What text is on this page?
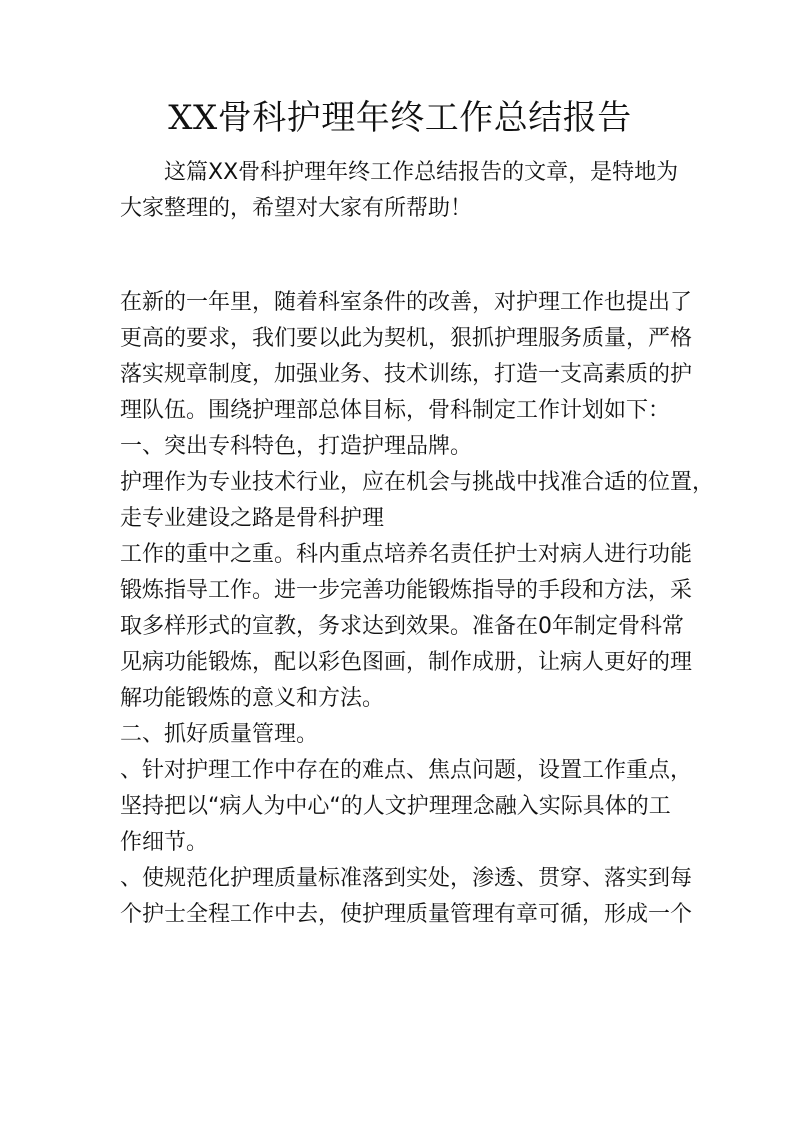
XX骨科护理年终工作总结报告
这篇XX骨科护理年终工作总结报告的文章，是特地为
大家整理的，希望对大家有所帮助！
在新的一年里，随着科室条件的改善，对护理工作也提出了
更高的要求，我们要以此为契机，狠抓护理服务质量，严格
落实规章制度，加强业务、技术训练，打造一支高素质的护
理队伍。围绕护理部总体目标，骨科制定工作计划如下：
一、突出专科特色，打造护理品牌。
护理作为专业技术行业，应在机会与挑战中找准合适的位置，
走专业建设之路是骨科护理
工作的重中之重。科内重点培养名责任护士对病人进行功能
锻炼指导工作。进一步完善功能锻炼指导的手段和方法，采
取多样形式的宣教，务求达到效果。准备在0年制定骨科常
见病功能锻炼，配以彩色图画，制作成册，让病人更好的理
解功能锻炼的意义和方法。
二、抓好质量管理。
、针对护理工作中存在的难点、焦点问题，设置工作重点，
坚持把以“病人为中心“的人文护理理念融入实际具体的工
作细节。
、使规范化护理质量标准落到实处，渗透、贯穿、落实到每
个护士全程工作中去，使护理质量管理有章可循，形成一个
